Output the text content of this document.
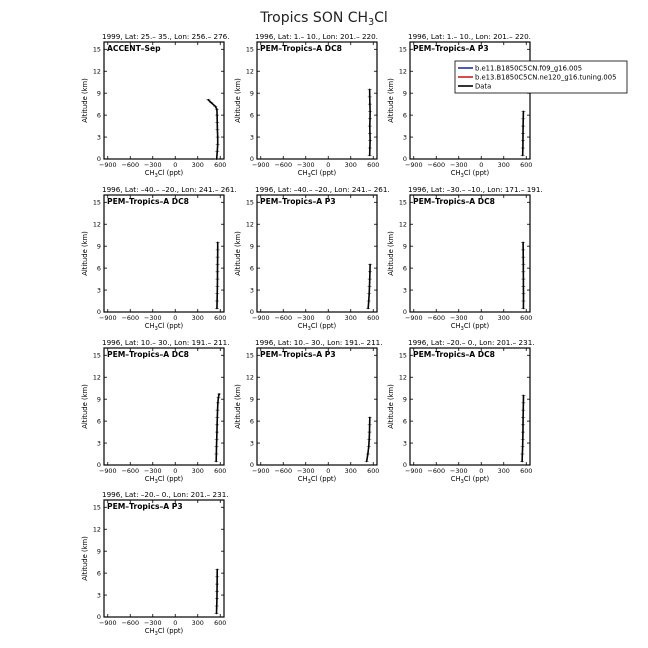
Tropics SON $CH_3Cl$
1999, Lat: 25.– 35., Lon: 256.– 276.
ACCENT–Sep
−900 −600 −300 0 300 600
0
3
6
9
12
15
$CH_3Cl$ (ppt)
Altitude (km)
1996, Lat: 1.– 10., Lon: 201.– 220.
PEM–Tropics–A DC8
−900 −600 −300 0 300 600
0
3
6
9
12
15
$CH_3Cl$ (ppt)
Altitude (km)
1996, Lat: 1.– 10., Lon: 201.– 220.
PEM–Tropics–A P3
−900 −600 −300 0 300 600
0
3
6
9
12
15
$CH_3Cl$ (ppt)
Altitude (km)
1996, Lat: –40.– –20., Lon: 241.– 261.
PEM–Tropics–A DC8
−900 −600 −300 0 300 600
0
3
6
9
12
15
$CH_3Cl$ (ppt)
Altitude (km)
1996, Lat: –40.– –20., Lon: 241.– 261.
PEM–Tropics–A P3
−900 −600 −300 0 300 600
0
3
6
9
12
15
$CH_3Cl$ (ppt)
Altitude (km)
1996, Lat: –30.– –10., Lon: 171.– 191.
PEM–Tropics–A DC8
−900 −600 −300 0 300 600
0
3
6
9
12
15
$CH_3Cl$ (ppt)
Altitude (km)
1996, Lat: 10.– 30., Lon: 191.– 211.
PEM–Tropics–A DC8
−900 −600 −300 0 300 600
0
3
6
9
12
15
$CH_3Cl$ (ppt)
Altitude (km)
1996, Lat: 10.– 30., Lon: 191.– 211.
PEM–Tropics–A P3
−900 −600 −300 0 300 600
0
3
6
9
12
15
$CH_3Cl$ (ppt)
Altitude (km)
1996, Lat: –20.– 0., Lon: 201.– 231.
PEM–Tropics–A DC8
−900 −600 −300 0 300 600
0
3
6
9
12
15
$CH_3Cl$ (ppt)
Altitude (km)
1996, Lat: –20.– 0., Lon: 201.– 231.
PEM–Tropics–A P3
−900 −600 −300 0 300 600
0
3
6
9
12
15
$CH_3Cl$ (ppt)
Altitude (km)
b.e11.B1850C5CN.f09_g16.005
b.e13.B1850C5CN.ne120_g16.tuning.005
Data
